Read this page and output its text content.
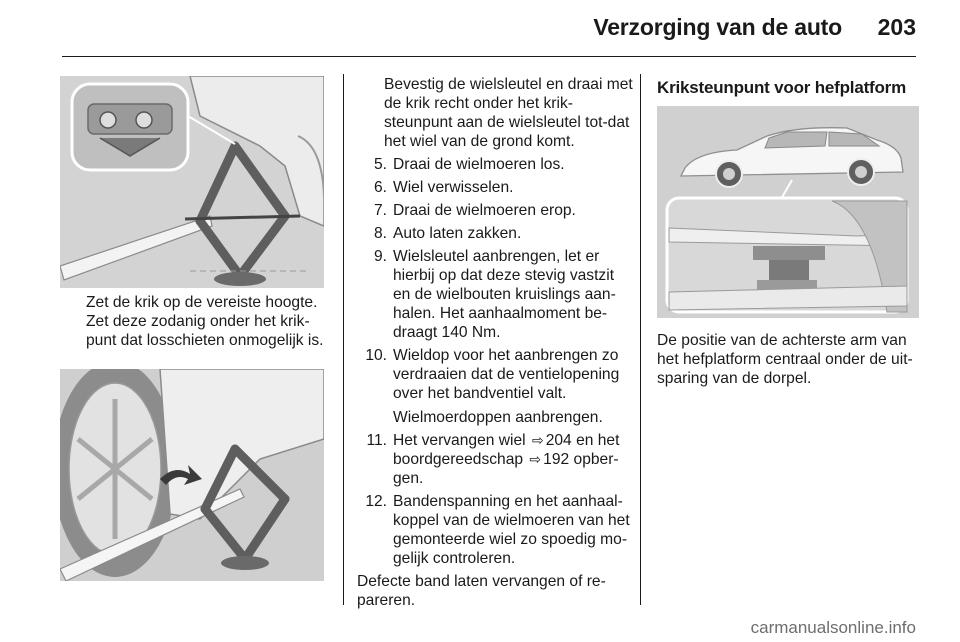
Verzorging van de auto 203
Zet de krik op de vereiste hoogte. Zet deze zodanig onder het krik-punt dat losschieten onmogelijk is.

Bevestig de wielsleutel en draai met de krik recht onder het krik-steunpunt aan de wielsleutel tot-dat het wiel van de grond komt.

5. Draai de wielmoeren los.
6. Wiel verwisselen.
7. Draai de wielmoeren erop.
8. Auto laten zakken.
9. Wielsleutel aanbrengen, let er hierbij op dat deze stevig vastzit en de wielbouten kruislings aan-halen. Het aanhaalmoment be-draagt 140 Nm.
10. Wieldop voor het aanbrengen zo verdraaien dat de ventielopening over het bandventiel valt.
Wielmoerdoppen aanbrengen.
11. Het vervangen wiel ⇨ 204 en het boordgereedschap ⇨ 192 opber-gen.
12. Bandenspanning en het aanhaal-koppel van de wielmoeren van het gemonteerde wiel zo spoedig mo-gelijk controleren.

Defecte band laten vervangen of re-pareren.

Kriksteunpunt voor hefplatform
De positie van de achterste arm van het hefplatform centraal onder de uit-sparing van de dorpel.
carmanualsonline.info
